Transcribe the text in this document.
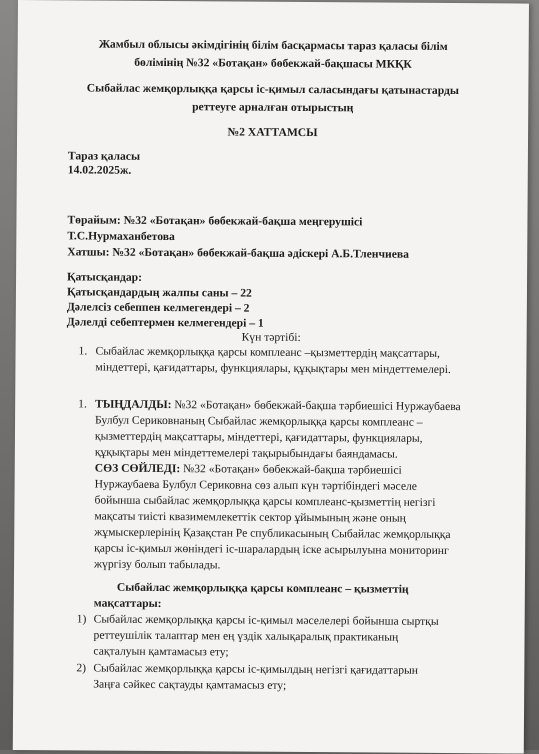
Жамбыл облысы әкімдігінің білім басқармасы тараз қаласы білім
бөлімінің №32 «Ботақан» бөбекжай-бақшасы МКҚК
Сыбайлас жемқорлыққа қарсы іс-қимыл саласындағы қатынастарды
реттеуге арналған отырыстың
№2 ХАТТАМСЫ
Тараз қаласы
14.02.2025ж.
Төрайым: №32 «Ботақан» бөбекжай-бақша меңгерушісі
Т.С.Нурмаханбетова
Хатшы: №32 «Ботақан» бөбекжай-бақша әдіскері А.Б.Тленчиева
Қатысқандар:
Қатысқандардың жалпы саны – 22
Дәлелсіз себеппен келмегендері – 2
Дәлелді себептермен келмегендері – 1
Күн тәртібі:
1. Сыбайлас жемқорлыққа қарсы комплеанс –қызметтердің мақсаттары,
міндеттері, қағидаттары, функциялары, құқықтары мен міндеттемелері.
1. ТЫҢДАЛДЫ: №32 «Ботақан» бөбекжай-бақша тәрбиешісі Нуржаубаева
Булбул Сериковнаның Сыбайлас жемқорлыққа қарсы комплеанс –
қызметтердің мақсаттары, міндеттері, қағидаттары, функциялары,
құқықтары мен міндеттемелері тақырыбындағы баяндамасы.
СӨЗ СӨЙЛЕДІ: №32 «Ботақан» бөбекжай-бақша тәрбиешісі
Нуржаубаева Булбул Сериковна сөз алып күн тәртібіндегі мәселе
бойынша сыбайлас жемқорлыққа қарсы комплеанс-қызметтің негізгі
мақсаты тиісті квазимемлекеттік сектор ұйымының және оның
жұмыскерлерінің Қазақстан Ре спубликасының Сыбайлас жемқорлыққа
қарсы іс-қимыл жөніндегі іс-шаралардың іске асырылуына мониторинг
жүргізу болып табылады.
Сыбайлас жемқорлыққа қарсы комплеанс – қызметтің
мақсаттары:
1) Сыбайлас жемқорлыққа қарсы іс-қимыл мәселелері бойынша сыртқы
реттеушілік талаптар мен ең үздік халықаралық практиканың
сақталуын қамтамасыз ету;
2) Сыбайлас жемқорлыққа қарсы іс-қимылдың негізгі қағидаттарын
Заңға сәйкес сақтауды қамтамасыз ету;
